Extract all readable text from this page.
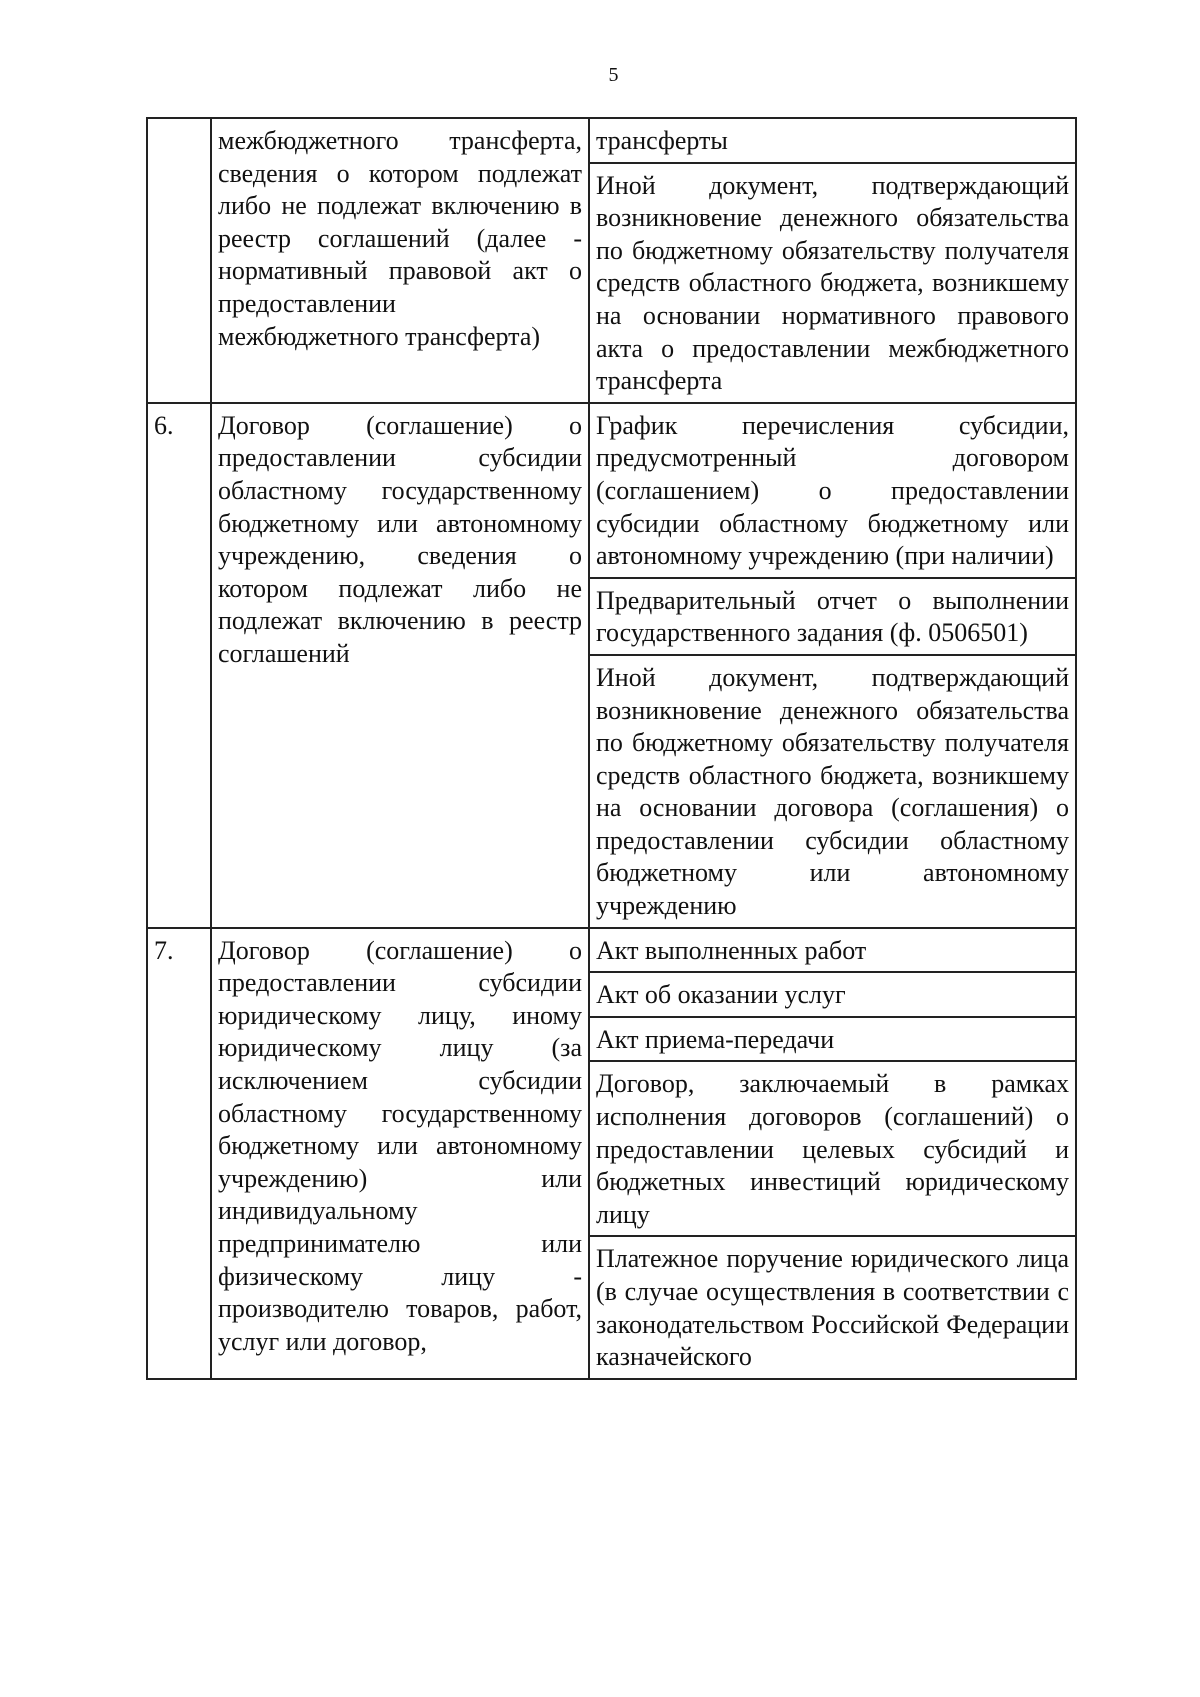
5
	межбюджетного трансферта, сведения о котором подлежат либо не подлежат включению в реестр соглашений (далее - нормативный правовой акт о предоставлении межбюджетного трансферта)	трансферты
		Иной документ, подтверждающий возникновение денежного обязательства по бюджетному обязательству получателя средств областного бюджета, возникшему на основании нормативного правового акта о предоставлении межбюджетного трансферта
6.	Договор (соглашение) о предоставлении субсидии областному государственному бюджетному или автономному учреждению, сведения о котором подлежат либо не подлежат включению в реестр соглашений	График перечисления субсидии, предусмотренный договором (соглашением) о предоставлении субсидии областному бюджетному или автономному учреждению (при наличии)
		Предварительный отчет о выполнении государственного задания (ф. 0506501)
		Иной документ, подтверждающий возникновение денежного обязательства по бюджетному обязательству получателя средств областного бюджета, возникшему на основании договора (соглашения) о предоставлении субсидии областному бюджетному или автономному учреждению
7.	Договор (соглашение) о предоставлении субсидии юридическому лицу, иному юридическому лицу (за исключением субсидии областному государственному бюджетному или автономному учреждению) или индивидуальному предпринимателю или физическому лицу - производителю товаров, работ, услуг или договор,	Акт выполненных работ
		Акт об оказании услуг
		Акт приема-передачи
		Договор, заключаемый в рамках исполнения договоров (соглашений) о предоставлении целевых субсидий и бюджетных инвестиций юридическому лицу
		Платежное поручение юридического лица (в случае осуществления в соответствии с законодательством Российской Федерации казначейского
